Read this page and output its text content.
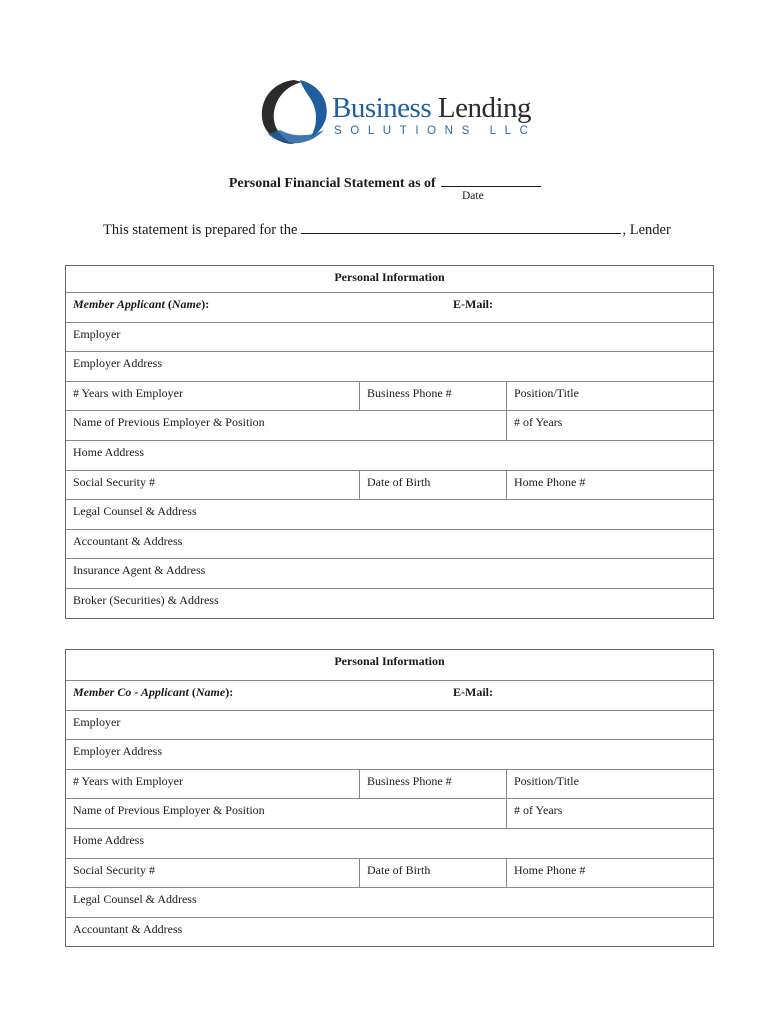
Business Lending
SOLUTIONS LLC
Personal Financial Statement as of
Date
This statement is prepared for the	, Lender
Personal Information
Member Applicant (Name):	E-Mail:
Employer
Employer Address
# Years with Employer	Business Phone #	Position/Title
Name of Previous Employer & Position	# of Years
Home Address
Social Security #	Date of Birth	Home Phone #
Legal Counsel & Address
Accountant & Address
Insurance Agent & Address
Broker (Securities) & Address
Personal Information
Member Co - Applicant (Name):	E-Mail:
Employer
Employer Address
# Years with Employer	Business Phone #	Position/Title
Name of Previous Employer & Position	# of Years
Home Address
Social Security #	Date of Birth	Home Phone #
Legal Counsel & Address
Accountant & Address
